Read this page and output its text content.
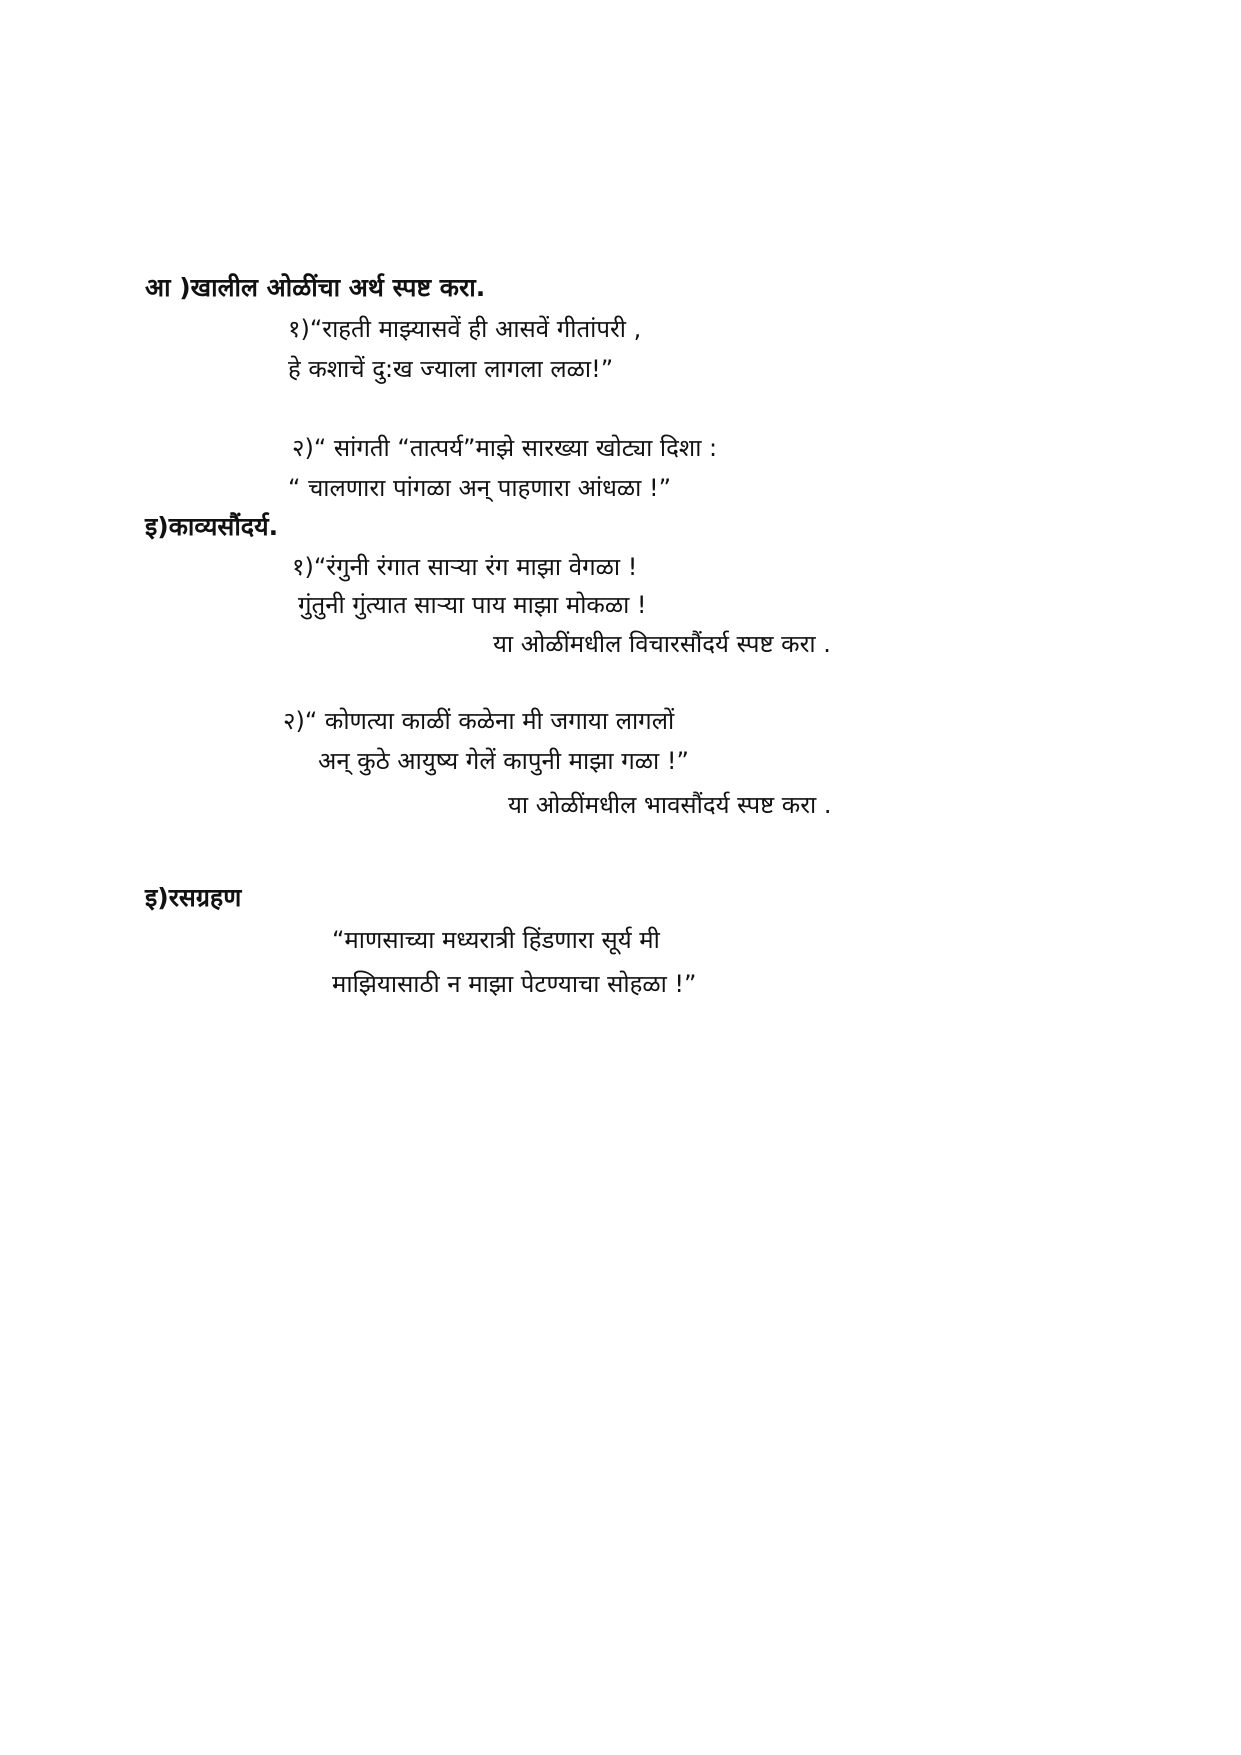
आ )खालील ओळींचा अर्थ स्पष्ट करा.
१)“राहती माझ्यासवें ही आसवें गीतांपरी ,
हे कशाचें दु:ख ज्याला लागला लळा!”
२)“ सांगती “तात्पर्य”माझे सारख्या खोट्या दिशा :
“ चालणारा पांगळा अन् पाहणारा आंधळा !”
इ)काव्यसौंदर्य.
१)“रंगुनी रंगात साऱ्या रंग माझा वेगळा !
गुंतुनी गुंत्यात साऱ्या पाय माझा मोकळा !
या ओळींमधील विचारसौंदर्य स्पष्ट करा .
२)“ कोणत्या काळीं कळेना मी जगाया लागलों
अन् कुठे आयुष्य गेलें कापुनी माझा गळा !”
या ओळींमधील भावसौंदर्य स्पष्ट करा .
इ)रसग्रहण
“माणसाच्या मध्यरात्री हिंडणारा सूर्य मी
माझियासाठी न माझा पेटण्याचा सोहळा !”
